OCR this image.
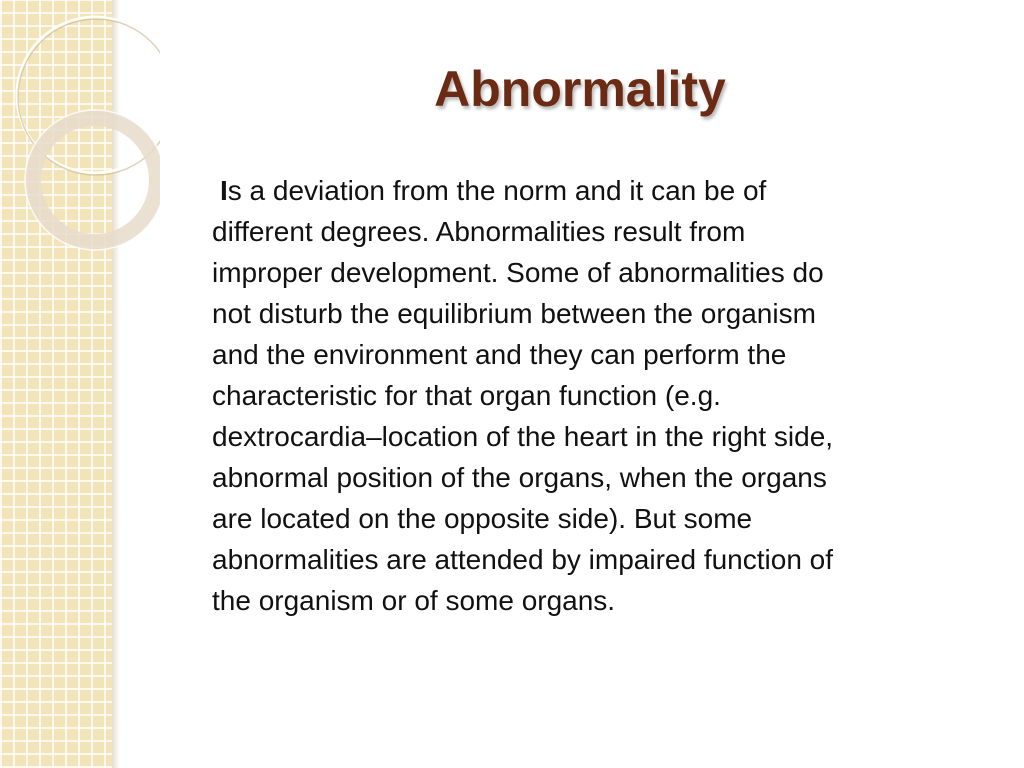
Abnormality
Is a deviation from the norm and it can be of
different degrees. Abnormalities result from
improper development. Some of abnormalities do
not disturb the equilibrium between the organism
and the environment and they can perform the
characteristic for that organ function (e.g.
dextrocardia–location of the heart in the right side,
abnormal position of the organs, when the organs
are located on the opposite side). But some
abnormalities are attended by impaired function of
the organism or of some organs.
